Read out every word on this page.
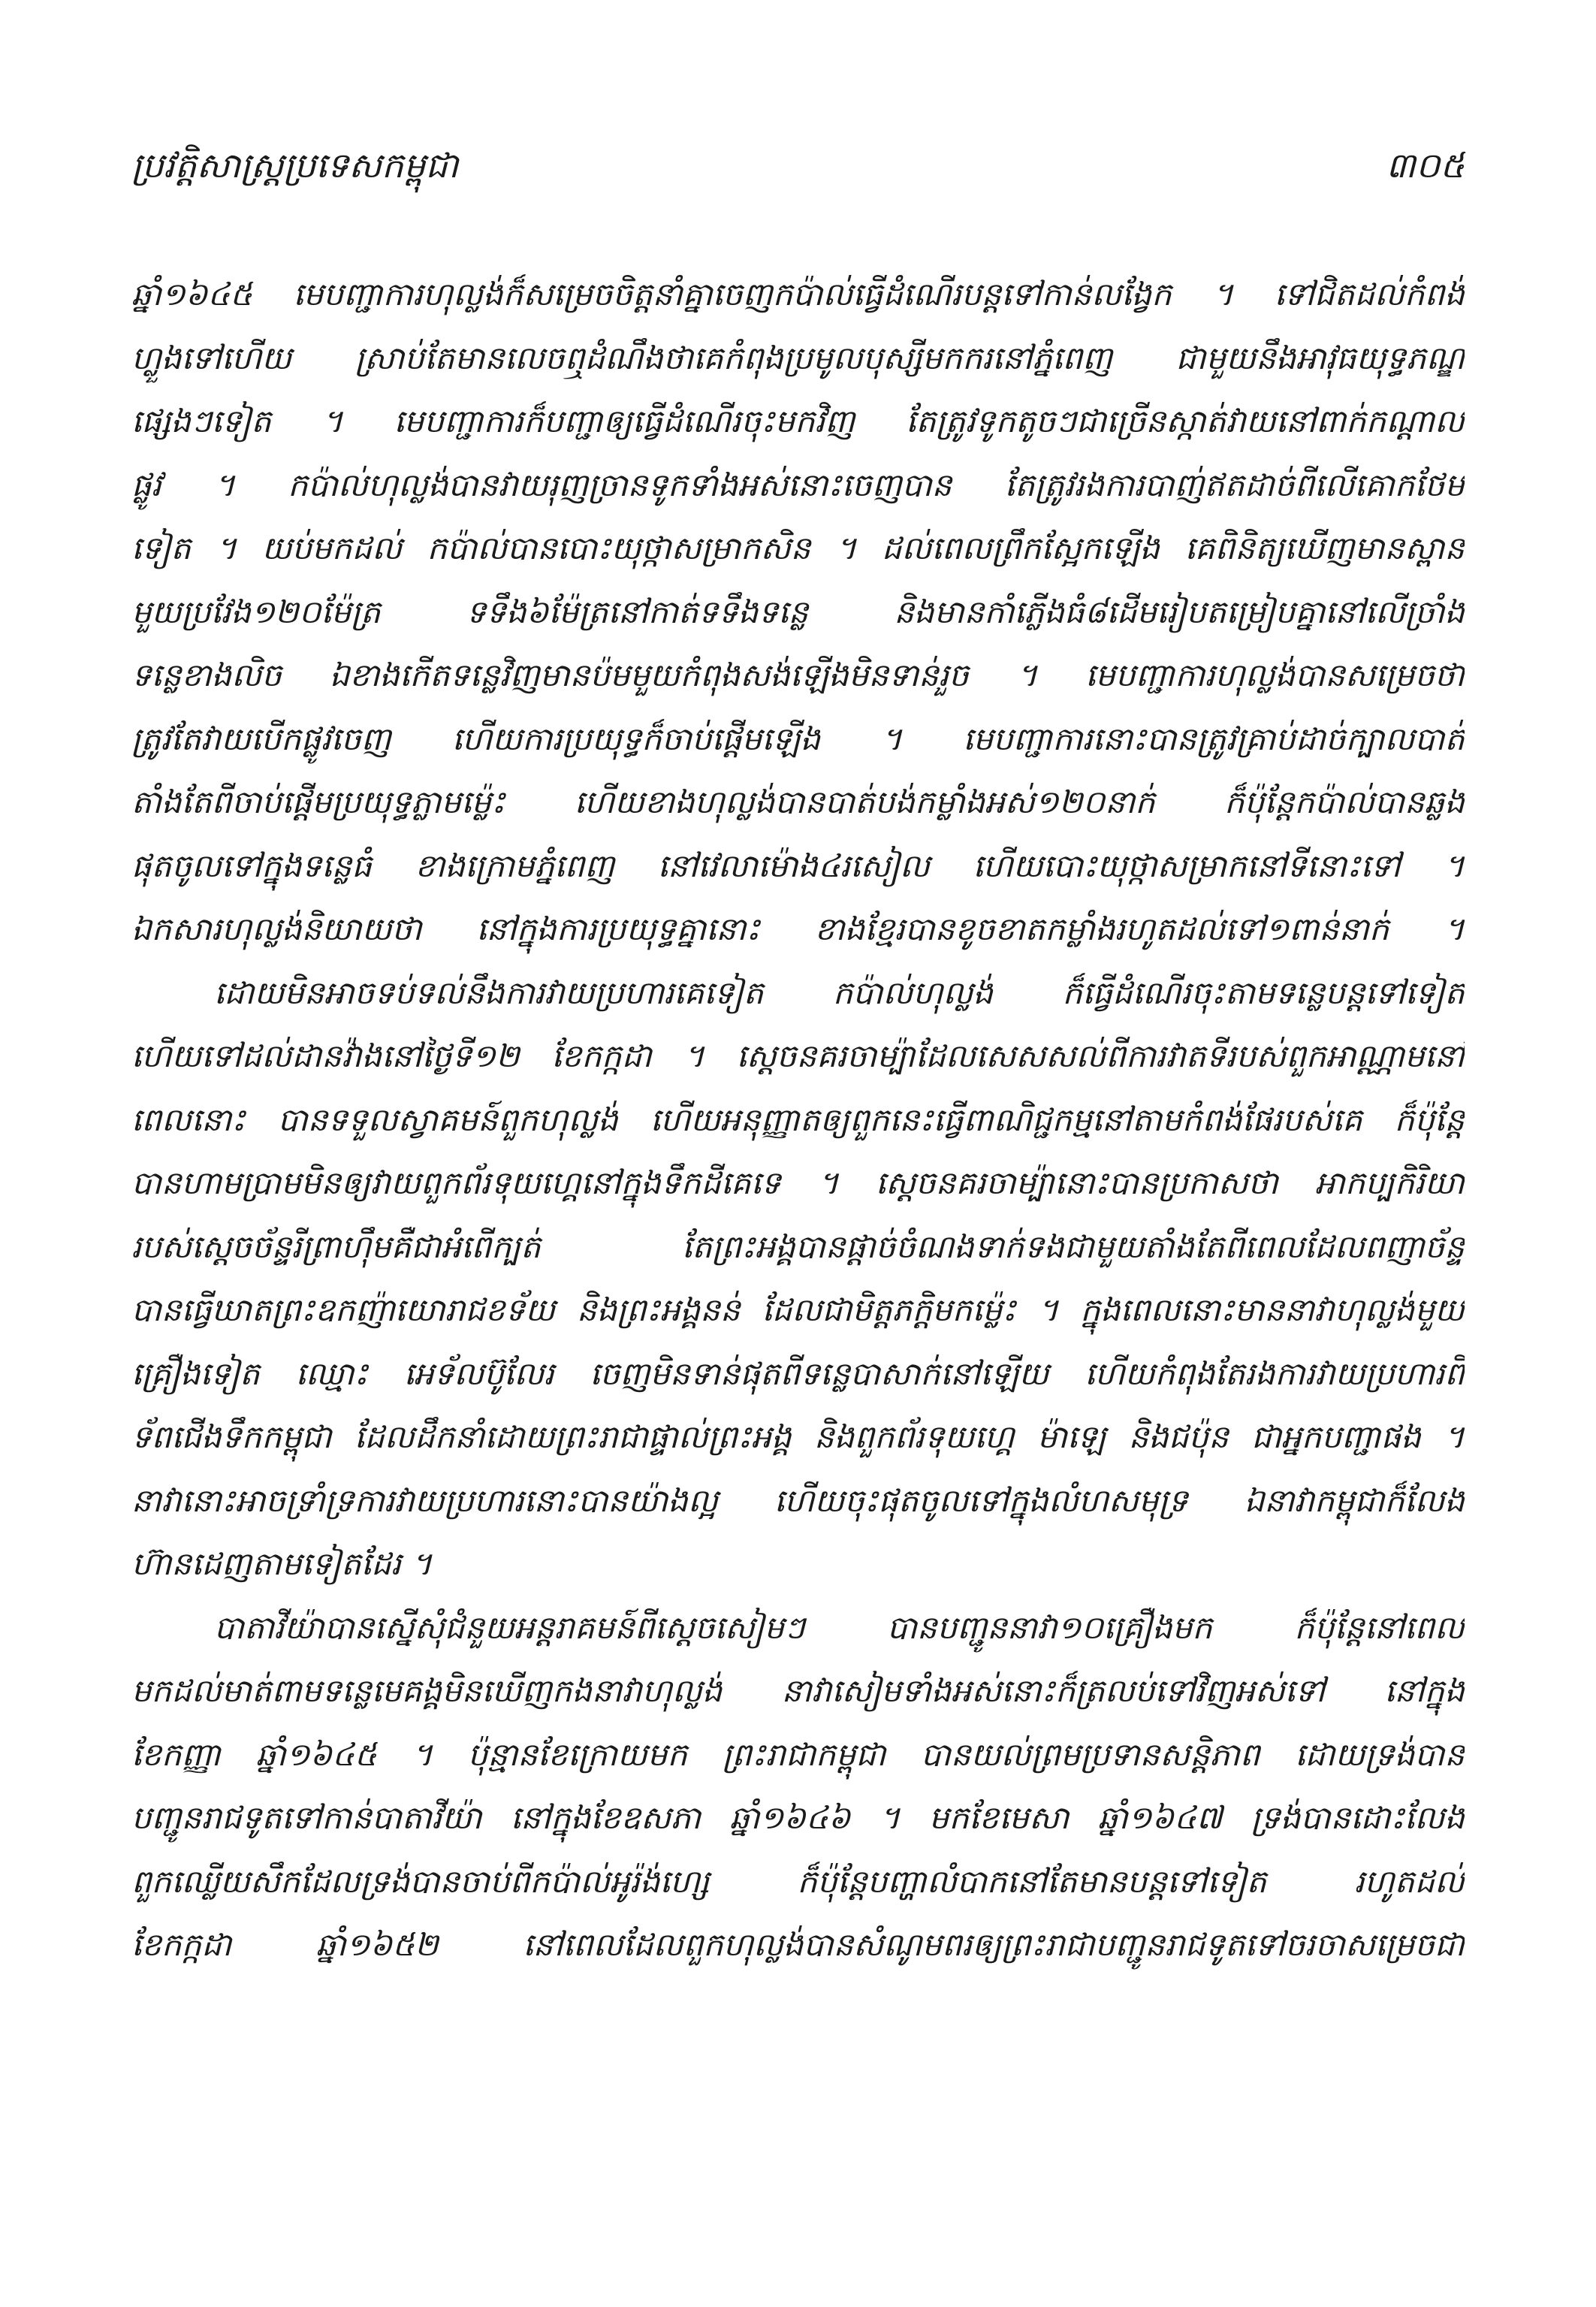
ប្រវត្តិសាស្ត្រប្រទេសកម្ពុជា	៣០៥
ឆ្នាំ១៦៤៥ មេបញ្ជាការហុល្លង់ក៏សម្រេចចិត្តនាំគ្នាចេញកប៉ាល់ធ្វើដំណើរបន្តទៅកាន់លង្វែក ។ ទៅជិតដល់កំពង់
ហ្លួងទៅហើយ ស្រាប់តែមានលេចឮដំណឹងថាគេកំពុងប្រមូលបុស្សីមកករនៅភ្នំពេញ ជាមួយនឹងអាវុធយុទ្ធភណ្ឌ
ផ្សេងៗទៀត ។ មេបញ្ជាការក៏បញ្ជាឲ្យធ្វើដំណើរចុះមកវិញ តែត្រូវទូកតូចៗជាច្រើនស្កាត់វាយនៅពាក់កណ្តាល
ផ្លូវ ។ កប៉ាល់ហុល្លង់បានវាយរុញច្រានទូកទាំងអស់នោះចេញបាន តែត្រូវរងការបាញ់ឥតដាច់ពីលើគោកថែម
ទៀត ។ យប់មកដល់ កប៉ាល់បានបោះយុថ្កាសម្រាកសិន ។ ដល់ពេលព្រឹកស្អែកឡើង គេពិនិត្យឃើញមានស្ពាន
មួយប្រវែង១២០ម៉ែត្រ ទទឹង៦ម៉ែត្រនៅកាត់ទទឹងទន្លេ និងមានកាំភ្លើងធំ៨ដើមរៀបតម្រៀបគ្នានៅលើច្រាំង
ទន្លេខាងលិច ឯខាងកើតទន្លេវិញមានប៉មមួយកំពុងសង់ឡើងមិនទាន់រួច ។ មេបញ្ជាការហុល្លង់បានសម្រេចថា
ត្រូវតែវាយបើកផ្លូវចេញ ហើយការប្រយុទ្ធក៏ចាប់ផ្តើមឡើង ។ មេបញ្ជាការនោះបានត្រូវគ្រាប់ដាច់ក្បាលបាត់
តាំងតែពីចាប់ផ្តើមប្រយុទ្ធភ្លាមម៉្លេះ ហើយខាងហុល្លង់បានបាត់បង់កម្លាំងអស់១២០នាក់ ក៏ប៉ុន្តែកប៉ាល់បានឆ្លង
ផុតចូលទៅក្នុងទន្លេធំ ខាងក្រោមភ្នំពេញ នៅវេលាម៉ោង៤រសៀល ហើយបោះយុថ្កាសម្រាកនៅទីនោះទៅ ។
ឯកសារហុល្លង់និយាយថា នៅក្នុងការប្រយុទ្ធគ្នានោះ ខាងខ្មែរបានខូចខាតកម្លាំងរហូតដល់ទៅ១ពាន់នាក់ ។
ដោយមិនអាចទប់ទល់នឹងការវាយប្រហារគេទៀត កប៉ាល់ហុល្លង់ ក៏ធ្វើដំណើរចុះតាមទន្លេបន្តទៅទៀត
ហើយទៅដល់ដានវ៉ាងនៅថ្ងៃទី១២ ខែកក្កដា ។ ស្តេចនគរចាម្ប៉ាដែលសេសសល់ពីការវាតទីរបស់ពួកអាណ្ណាមនៅ
ពេលនោះ បានទទួលស្វាគមន៍ពួកហុល្លង់ ហើយអនុញ្ញាតឲ្យពួកនេះធ្វើពាណិជ្ជកម្មនៅតាមកំពង់ផែរបស់គេ ក៏ប៉ុន្តែ
បានហាមប្រាមមិនឲ្យវាយពួកព័រទុយហ្គេនៅក្នុងទឹកដីគេទេ ។ ស្តេចនគរចាម្ប៉ានោះបានប្រកាសថា អាកប្បកិរិយា
របស់ស្តេចច័ន្ទរីព្រាហ៊ឹមគឺជាអំពើក្បត់ តែព្រះអង្គបានផ្តាច់ចំណងទាក់ទងជាមួយតាំងតែពីពេលដែលពញាច័ន្ទ
បានធ្វើឃាតព្រះឧកញ៉ាយោរាជខទ័យ និងព្រះអង្គនន់ ដែលជាមិត្តភក្តិមកម៉្លេះ ។ ក្នុងពេលនោះមាននាវាហុល្លង់មួយ
គ្រឿងទៀត ឈ្មោះ អេទ័លប៊ូលែរ ចេញមិនទាន់ផុតពីទន្លេបាសាក់នៅឡើយ ហើយកំពុងតែរងការវាយប្រហារពី
ទ័ពជើងទឹកកម្ពុជា ដែលដឹកនាំដោយព្រះរាជាផ្ទាល់ព្រះអង្គ និងពួកព័រទុយហ្គេ ម៉ាឡេ និងជប៉ុន ជាអ្នកបញ្ជាផង ។
នាវានោះអាចទ្រាំទ្រការវាយប្រហារនោះបានយ៉ាងល្អ ហើយចុះផុតចូលទៅក្នុងលំហសមុទ្រ ឯនាវាកម្ពុជាក៏លែង
ហ៊ានដេញតាមទៀតដែរ ។
បាតាវីយ៉ាបានស្នើសុំជំនួយអន្តរាគមន៍ពីស្តេចសៀមៗ បានបញ្ជូននាវា១០គ្រឿងមក ក៏ប៉ុន្តែនៅពេល
មកដល់មាត់ពាមទន្លេមេគង្គមិនឃើញកងនាវាហុល្លង់ នាវាសៀមទាំងអស់នោះក៏ត្រលប់ទៅវិញអស់ទៅ នៅក្នុង
ខែកញ្ញា ឆ្នាំ១៦៤៥ ។ ប៉ុន្មានខែក្រោយមក ព្រះរាជាកម្ពុជា បានយល់ព្រមប្រទានសន្តិភាព ដោយទ្រង់បាន
បញ្ជូនរាជទូតទៅកាន់បាតាវីយ៉ា នៅក្នុងខែឧសភា ឆ្នាំ១៦៤៦ ។ មកខែមេសា ឆ្នាំ១៦៤៧ ទ្រង់បានដោះលែង
ពួកឈ្លើយសឹកដែលទ្រង់បានចាប់ពីកប៉ាល់អូរ៉ង់ហ្សេ ក៏ប៉ុន្តែបញ្ហាលំបាកនៅតែមានបន្តទៅទៀត រហូតដល់
ខែកក្កដា ឆ្នាំ១៦៥២ នៅពេលដែលពួកហុល្លង់បានសំណូមពរឲ្យព្រះរាជាបញ្ជូនរាជទូតទៅចរចាសម្រេចជា
